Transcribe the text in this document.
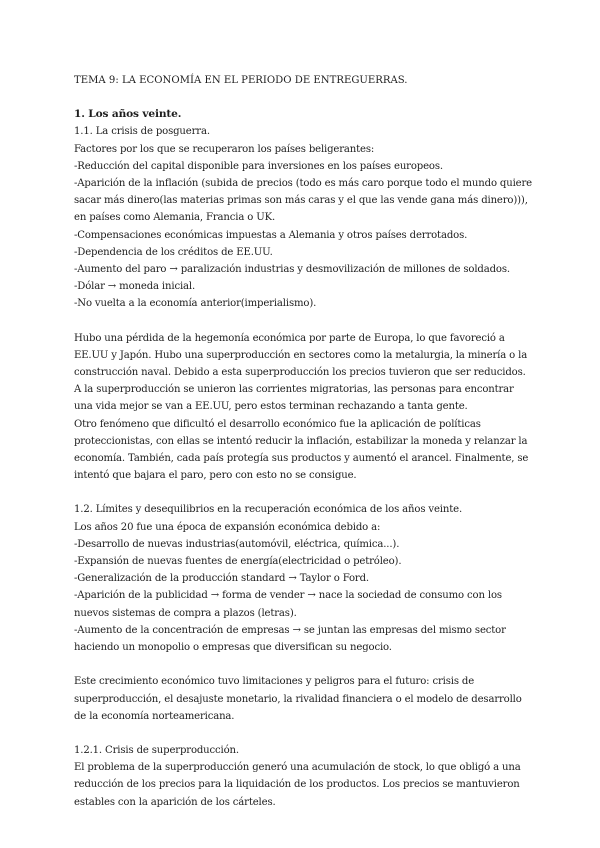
TEMA 9: LA ECONOMÍA EN EL PERIODO DE ENTREGUERRAS.

1. Los años veinte.

1.1. La crisis de posguerra.

Factores por los que se recuperaron los países beligerantes:

-Reducción del capital disponible para inversiones en los países europeos.

-Aparición de la inflación (subida de precios (todo es más caro porque todo el mundo quiere sacar más dinero(las materias primas son más caras y el que las vende gana más dinero))), en países como Alemania, Francia o UK.

-Compensaciones económicas impuestas a Alemania y otros países derrotados.

-Dependencia de los créditos de EE.UU.

-Aumento del paro → paralización industrias y desmovilización de millones de soldados.

-Dólar → moneda inicial.

-No vuelta a la economía anterior(imperialismo).

Hubo una pérdida de la hegemonía económica por parte de Europa, lo que favoreció a EE.UU y Japón. Hubo una superproducción en sectores como la metalurgia, la minería o la construcción naval. Debido a esta superproducción los precios tuvieron que ser reducidos. A la superproducción se unieron las corrientes migratorias, las personas para encontrar una vida mejor se van a EE.UU, pero estos terminan rechazando a tanta gente.

Otro fenómeno que dificultó el desarrollo económico fue la aplicación de políticas proteccionistas, con ellas se intentó reducir la inflación, estabilizar la moneda y relanzar la economía. También, cada país protegía sus productos y aumentó el arancel. Finalmente, se intentó que bajara el paro, pero con esto no se consigue.

1.2. Límites y desequilibrios en la recuperación económica de los años veinte.

Los años 20 fue una época de expansión económica debido a:

-Desarrollo de nuevas industrias(automóvil, eléctrica, química...).

-Expansión de nuevas fuentes de energía(electricidad o petróleo).

-Generalización de la producción standard → Taylor o Ford.

-Aparición de la publicidad → forma de vender → nace la sociedad de consumo con los nuevos sistemas de compra a plazos (letras).

-Aumento de la concentración de empresas → se juntan las empresas del mismo sector haciendo un monopolio o empresas que diversifican su negocio.

Este crecimiento económico tuvo limitaciones y peligros para el futuro: crisis de superproducción, el desajuste monetario, la rivalidad financiera o el modelo de desarrollo de la economía norteamericana.

1.2.1. Crisis de superproducción.

El problema de la superproducción generó una acumulación de stock, lo que obligó a una reducción de los precios para la liquidación de los productos. Los precios se mantuvieron estables con la aparición de los cárteles.
